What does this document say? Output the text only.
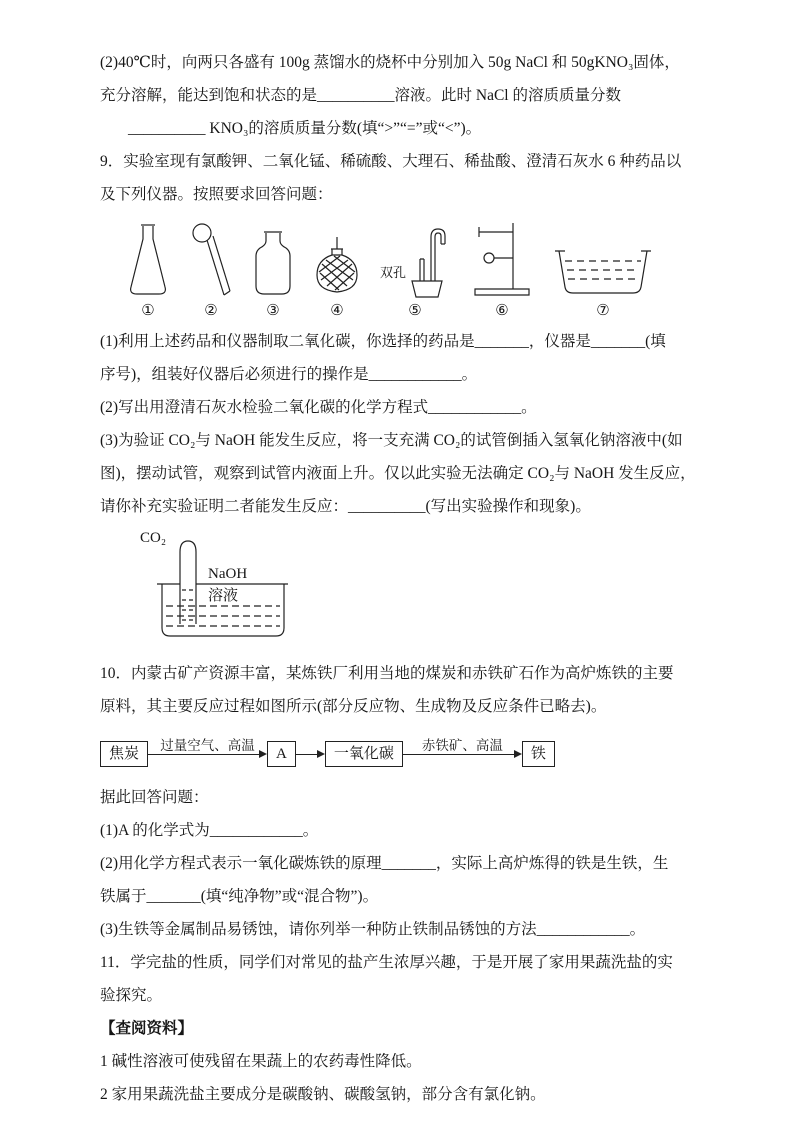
(2)40℃时，向两只各盛有 100g 蒸馏水的烧杯中分别加入 50g NaCl 和 50gKNO₃固体，
充分溶解，能达到饱和状态的是__________溶液。此时 NaCl 的溶质质量分数
__________ KNO₃的溶质质量分数(填“>”“=”或“<”)。
9．实验室现有氯酸钾、二氧化锰、稀硫酸、大理石、稀盐酸、澄清石灰水 6 种药品以
及下列仪器。按照要求回答问题：
①	②	③	④
双孔
⑤	⑥	⑦
(1)利用上述药品和仪器制取二氧化碳，你选择的药品是_______，仪器是_______(填
序号)，组装好仪器后必须进行的操作是____________。
(2)写出用澄清石灰水检验二氧化碳的化学方程式____________。
(3)为验证 CO₂与 NaOH 能发生反应，将一支充满 CO₂的试管倒插入氢氧化钠溶液中(如
图)，摆动试管，观察到试管内液面上升。仅以此实验无法确定 CO₂与 NaOH 发生反应，
请你补充实验证明二者能发生反应：__________(写出实验操作和现象)。
CO₂
NaOH
溶液
10．内蒙古矿产资源丰富，某炼铁厂利用当地的煤炭和赤铁矿石作为高炉炼铁的主要
原料，其主要反应过程如图所示(部分反应物、生成物及反应条件已略去)。
焦炭
过量空气、高温
A	一氧化碳
赤铁矿、高温
铁
据此回答问题：
(1)A 的化学式为____________。
(2)用化学方程式表示一氧化碳炼铁的原理_______，实际上高炉炼得的铁是生铁，生
铁属于_______(填“纯净物”或“混合物”)。
(3)生铁等金属制品易锈蚀，请你列举一种防止铁制品锈蚀的方法____________。
11．学完盐的性质，同学们对常见的盐产生浓厚兴趣，于是开展了家用果蔬洗盐的实
验探究。
【查阅资料】
1 碱性溶液可使残留在果蔬上的农药毒性降低。
2 家用果蔬洗盐主要成分是碳酸钠、碳酸氢钠，部分含有氯化钠。
